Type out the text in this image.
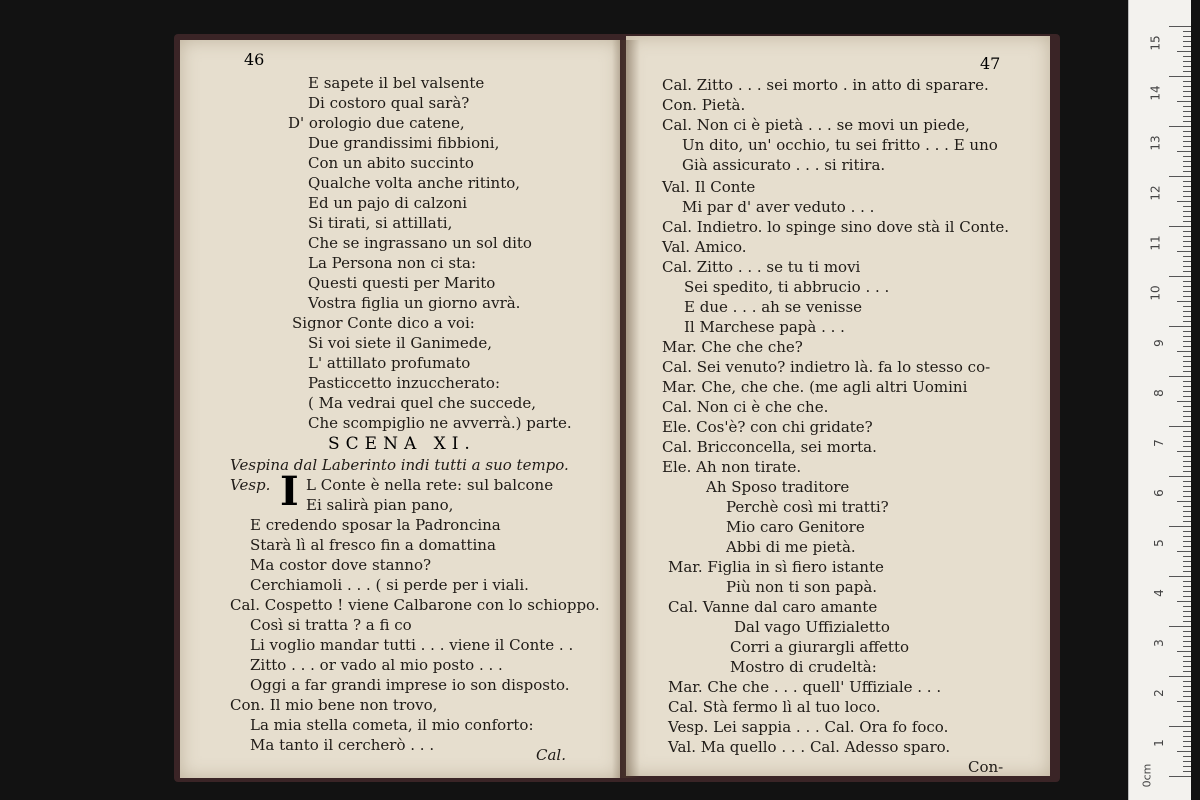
46
E sapete il bel valsente
Di costoro qual sarà?
D' orologio due catene,
Due grandissimi fibbioni,
Con un abito succinto
Qualche volta anche ritinto,
Ed un pajo di calzoni
Si tirati, si attillati,
Che se ingrassano un sol dito
La Persona non ci sta:
Questi questi per Marito
Vostra figlia un giorno avrà.
Signor Conte dico a voi:
Si voi siete il Ganimede,
L' attillato profumato
Pasticcetto inzuccherato:
( Ma vedrai quel che succede,
Che scompiglio ne avverrà.) parte.
SCENA XI.
Vespina dal Laberinto indi tutti a suo tempo.
Vesp. I L Conte è nella rete: sul balcone
Ei salirà pian pano,
E credendo sposar la Padroncina
Starà lì al fresco fin a domattina
Ma costor dove stanno?
Cerchiamoli . . . ( si perde per i viali.
Cal. Cospetto ! viene Calbarone con lo schioppo.
Così si tratta ? a fi co
Li voglio mandar tutti . . . viene il Conte . .
Zitto . . . or vado al mio posto . . .
Oggi a far grandi imprese io son disposto.
Con. Il mio bene non trovo,
La mia stella cometa, il mio conforto:
Ma tanto il cercherò . . .
Cal.
47
Cal. Zitto . . . sei morto . in atto di sparare.
Con. Pietà.
Cal. Non ci è pietà . . . se movi un piede,
Un dito, un' occhio, tu sei fritto . . . E uno
Già assicurato . . . si ritira.
Val. Il Conte
Mi par d' aver veduto . . .
Cal. Indietro. lo spinge sino dove stà il Conte.
Val. Amico.
Cal. Zitto . . . se tu ti movi
Sei spedito, ti abbrucio . . .
E due . . . ah se venisse
Il Marchese papà . . .
Mar. Che che che?
Cal. Sei venuto? indietro là. fa lo stesso co-
Mar. Che, che che. (me agli altri Uomini
Cal. Non ci è che che.
Ele. Cos'è? con chi gridate?
Cal. Bricconcella, sei morta.
Ele. Ah non tirate.
Ah Sposo traditore
Perchè così mi tratti?
Mio caro Genitore
Abbi di me pietà.
Mar. Figlia in sì fiero istante
Più non ti son papà.
Cal. Vanne dal caro amante
Dal vago Uffizialetto
Corri a giurargli affetto
Mostro di crudeltà:
Mar. Che che . . . quell' Uffiziale . . .
Cal. Stà fermo lì al tuo loco.
Vesp. Lei sappia . . . Cal. Ora fo foco.
Val. Ma quello . . . Cal. Adesso sparo.
Con-	0cm
1
2
3
4
5
6
7
8
9
10
11
12
13
14
15
